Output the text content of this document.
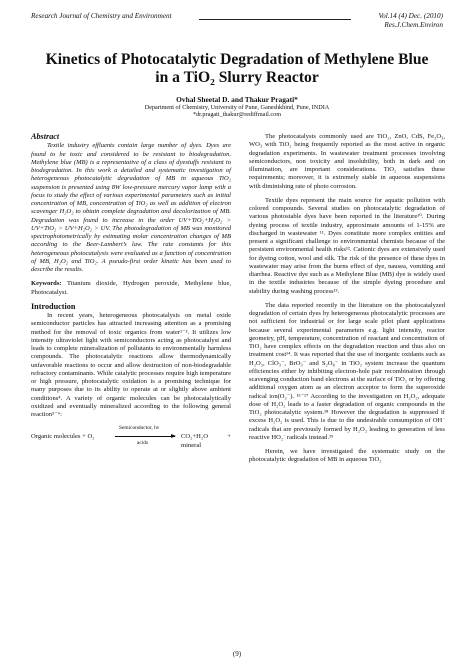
Research Journal of Chemistry and Environment	Vol.14 (4) Dec. (2010)
Res.J.Chem.Environ
Kinetics of Photocatalytic Degradation of Methylene Blue
in a TiO₂ Slurry Reactor
Ovhal Sheetal D. and Thakur Pragati*
Department of Chemistry, University of Pune, Ganeshkhind, Pune, INDIA
*dr.pragati_thakur@rediffmail.com
Abstract

Textile industry effluents contain large number of dyes. Dyes are found to be toxic and considered to be resistant to biodegradation. Methylene blue (MB) is a representative of a class of dyestuffs resistant to biodegradation. In this work a detailed and systematic investigation of heterogeneous photocatalytic degradation of MB in aqueous TiO₂ suspension is presented using 8W low-pressure mercury vapor lamp with a focus to study the effect of various experimental parameters such as initial concentration of MB, concentration of TiO₂ as well as addition of electron scavenger H₂O₂ to obtain complete degradation and decolorization of MB. Degradation was found to increase in the order UV+TiO₂+H₂O₂ > UV+TiO₂ > UV+H₂O₂ > UV. The photodegradation of MB was monitored spectrophotometrically by estimating molar concentration changes of MB according to the Beer-Lambert’s law. The rate constants for this heterogeneous photocatalysis were evaluated as a function of concentration of MB, H₂O₂ and TiO₂. A pseudo-first order kinetic has been used to describe the results.

Keywords: Titanium dioxide, Hydrogen peroxide, Methylene blue, Photocatalyst.

Introduction

In recent years, heterogeneous photocatalysis on metal oxide semiconductor particles has attracted increasing attention as a promising method for the removal of toxic organics from water¹⁻³. It utilizes low intensity ultraviolet light with semiconductors acting as photocatalyst and leads to complete mineralization of pollutants to environmentally harmless compounds. The photocatalytic reactions allow thermodynamically unfavorable reactions to occur and allow destruction of non-biodegradable refractory contaminants. While catalytic processes require high temperature or high pressure, photocatalytic oxidation is a promising technique for many purposes due to its ability to operate at or slightly above ambient conditions⁴. A variety of organic molecules can be photocatalytically oxidized and eventually mineralized according to the following general reaction⁵⁻⁶:

Organic molecules + O₂
Semiconductor, hν
acids
CO₂+H₂O + mineral

The photocatalysts commonly used are TiO₂, ZnO, CdS, Fe₂O₃, WO₃ with TiO₂ being frequently reported as the most active in organic degradation experiments. In wastewater treatment processes involving semiconductors, non toxicity and insolubility, both in dark and on illumination, are important considerations. TiO₂ satisfies these requirements; moreover, it is extremely stable in aqueous suspensions with diminishing rate of photo corrosion.

Textile dyes represent the main source for aquatic pollution with colored compounds. Several studies on photocatalytic degradation of various photostable dyes have been reported in the literature¹⁰. During dyeing process of textile industry, approximate amounts of 1-15% are discharged in wastewater ¹¹. Dyes constitute more complex entities and present a significant challenge to environmental chemists because of the persistent environmental health risks¹². Cationic dyes are extensively used for dyeing cotton, wool and silk. The risk of the presence of these dyes in wastewater may arise from the burns effect of dye, nausea, vomiting and diarrhea. Reactive dye such as a Methylene Blue (MB) dye is widely used in the textile industries because of the simple dyeing procedure and stability during washing process¹³.

The data reported recently in the literature on the photocatalyzed degradation of certain dyes by heterogeneous photocatalytic processes are not sufficient for industrial or for large scale pilot plant applications because several experimental parameters e.g. light intensity, reactor geometry, pH, temperature, concentration of reactant and concentration of TiO₂ have complex effects on the degradation reaction and thus also on treatment cost¹⁴. It was reported that the use of inorganic oxidants such as H₂O₂, ClO₃⁻, BrO₃⁻ and S₂O₈⁻ in TiO₂ system increase the quantum efficiencies either by inhibiting electron-hole pair recombination through scavenging conduction band electrons at the surface of TiO₂ or by offering additional oxygen atom as an electron acceptor to form the superoxide radical ion(O₂⁻). ¹⁵⁻¹⁷ According to the investigation on H₂O₂, adequate dose of H₂O₂ leads to a faster degradation of organic compounds in the TiO₂ photocatalytic system.¹⁸ However the degradation is suppressed if excess H₂O₂ is used. This is due to the undesirable consumption of OH˙ radicals that are previously formed by H₂O₂ leading to generation of less reactive HO₂˙ radicals instead.¹⁹

Herein, we have investigated the systematic study on the photocatalytic degradation of MB in aqueous TiO₂

(9)
